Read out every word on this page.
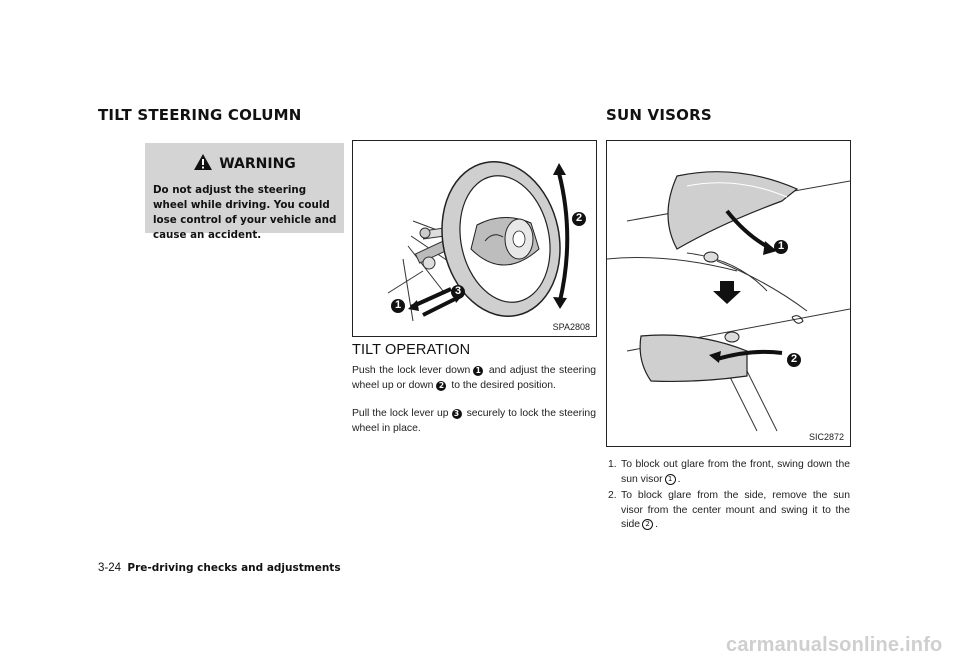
TILT STEERING COLUMN
WARNING
Do not adjust the steering wheel while driving. You could lose control of your vehicle and cause an accident.
2
1
3
SPA2808
TILT OPERATION
Push the lock lever down 1 and adjust the steering wheel up or down 2 to the desired position.
Pull the lock lever up 3 securely to lock the steering wheel in place.
SUN VISORS
1
2
SIC2872
1. To block out glare from the front, swing down the sun visor 1 .
2. To block glare from the side, remove the sun visor from the center mount and swing it to the side 2 .
3-24 Pre-driving checks and adjustments
carmanualsonline.info
